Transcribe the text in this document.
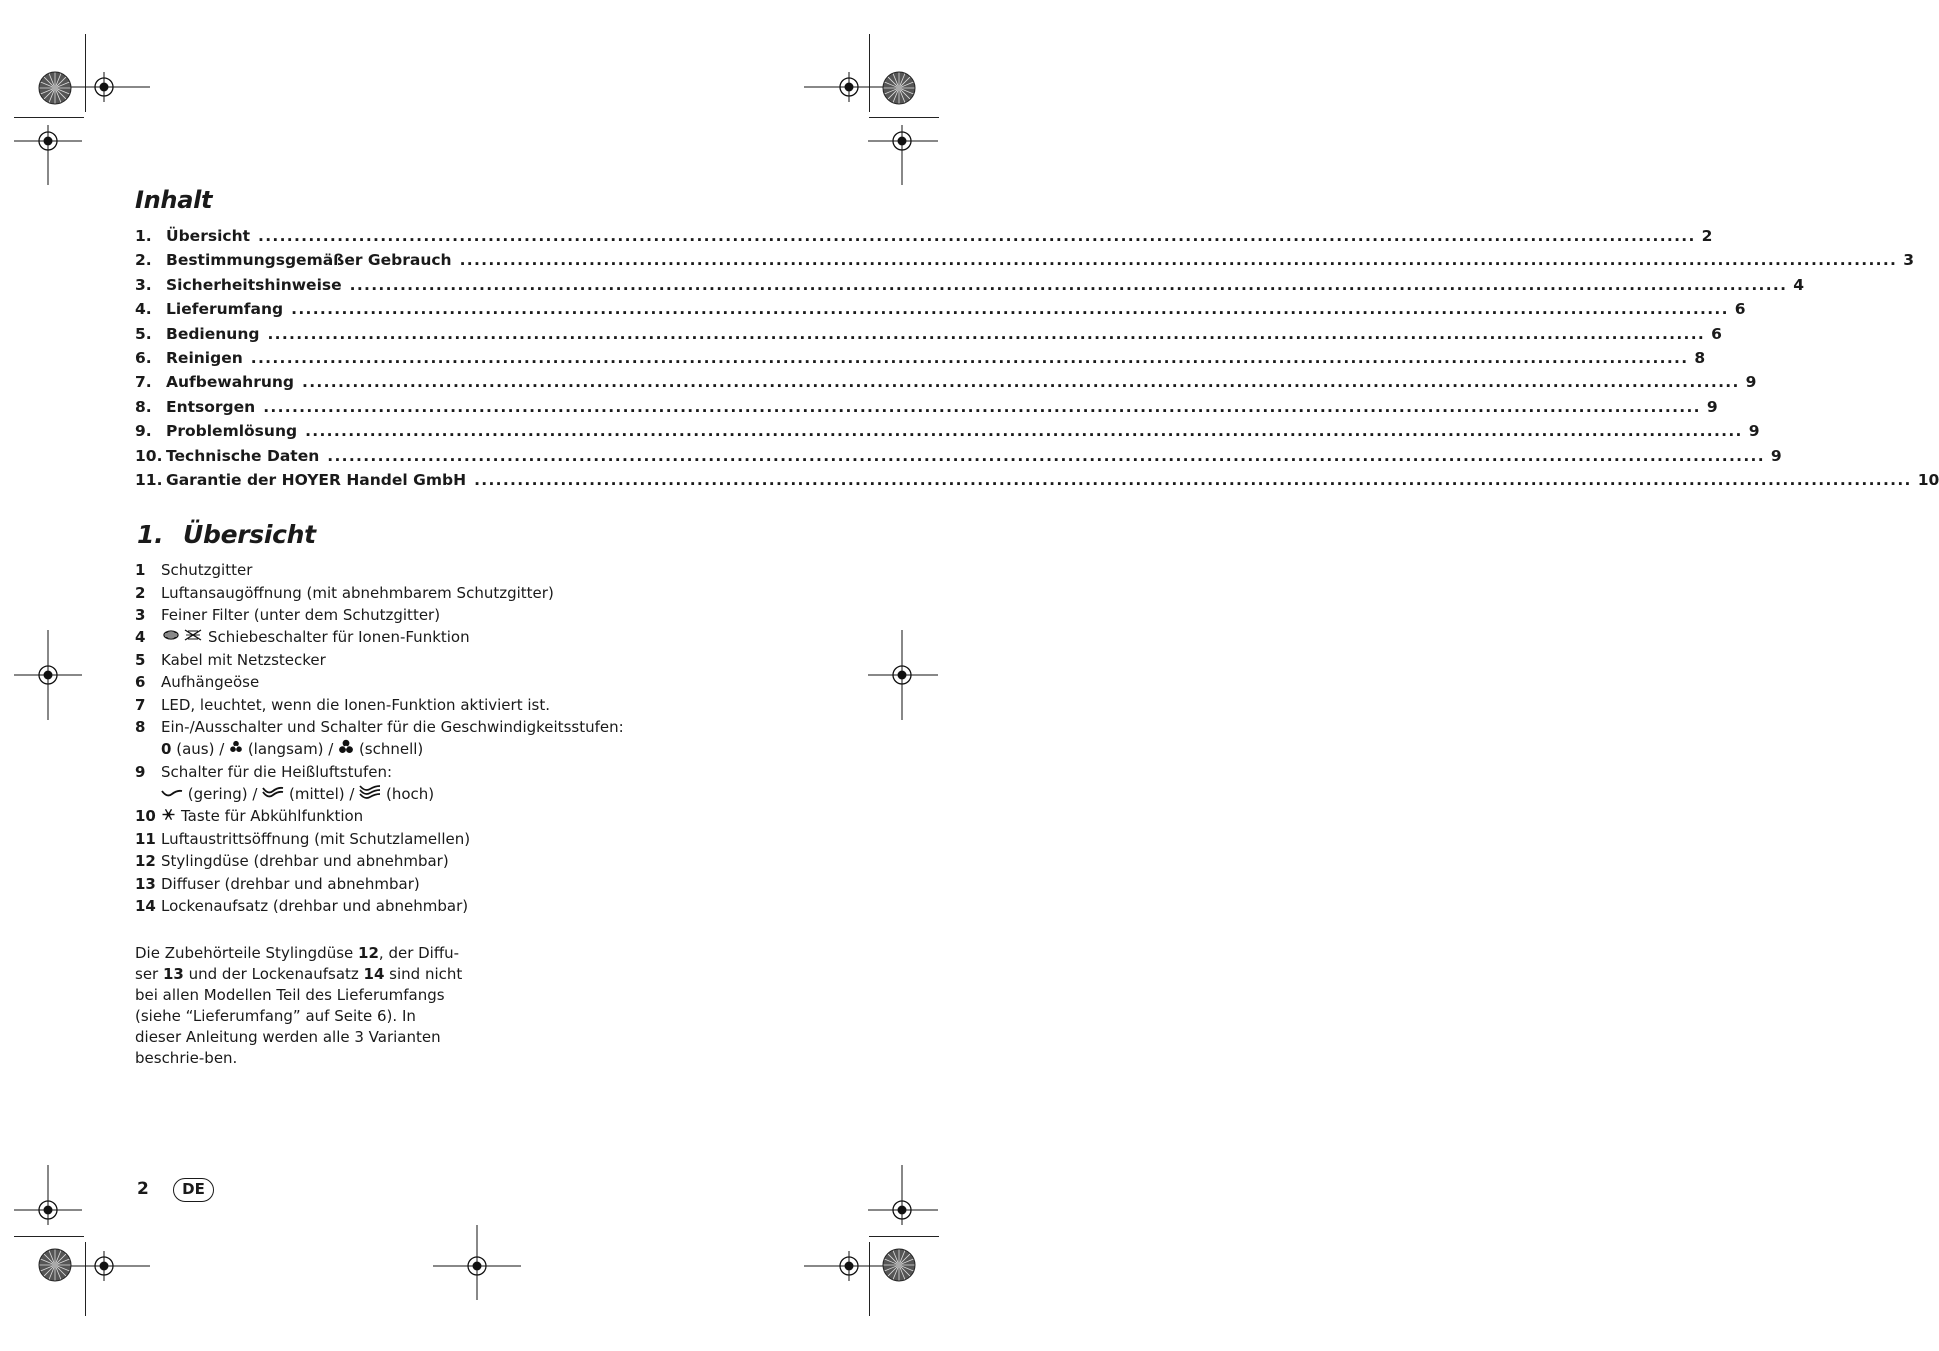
Inhalt
1. Übersicht ........................................................................................................................................................................................................ 2
2. Bestimmungsgemäßer Gebrauch ........................................................................................................................................................................................................ 3
3. Sicherheitshinweise ........................................................................................................................................................................................................ 4
4. Lieferumfang ........................................................................................................................................................................................................ 6
5. Bedienung ........................................................................................................................................................................................................ 6
6. Reinigen ........................................................................................................................................................................................................ 8
7. Aufbewahrung ........................................................................................................................................................................................................ 9
8. Entsorgen ........................................................................................................................................................................................................ 9
9. Problemlösung ........................................................................................................................................................................................................ 9
10. Technische Daten ........................................................................................................................................................................................................ 9
11. Garantie der HOYER Handel GmbH ........................................................................................................................................................................................................ 10
1. Übersicht
1	Schutzgitter
2	Luftansaugöffnung (mit abnehmbarem Schutzgitter)
3	Feiner Filter (unter dem Schutzgitter)
4	Schiebeschalter für Ionen-Funktion
5	Kabel mit Netzstecker
6	Aufhängeöse
7	LED, leuchtet, wenn die Ionen-Funktion aktiviert ist.
8	Ein-/Ausschalter und Schalter für die Geschwindigkeitsstufen:
0
(aus) /

(langsam) /

(schnell)
9	Schalter für die Heißluftstufen:

(gering) /

(mittel) /

(hoch)
10	Taste für Abkühlfunktion
11 Luftaustrittsöffnung (mit Schutzlamellen)
12 Stylingdüse (drehbar und abnehmbar)
13 Diffuser (drehbar und abnehmbar)
14 Lockenaufsatz (drehbar und abnehmbar)

Die Zubehörteile Stylingdüse 12, der Diffu-ser 13 und der Lockenaufsatz 14 sind nicht bei allen Modellen Teil des Lieferumfangs (siehe “Lieferumfang” auf Seite 6). In dieser Anleitung werden alle 3 Varianten beschrie-ben.

2	DE
